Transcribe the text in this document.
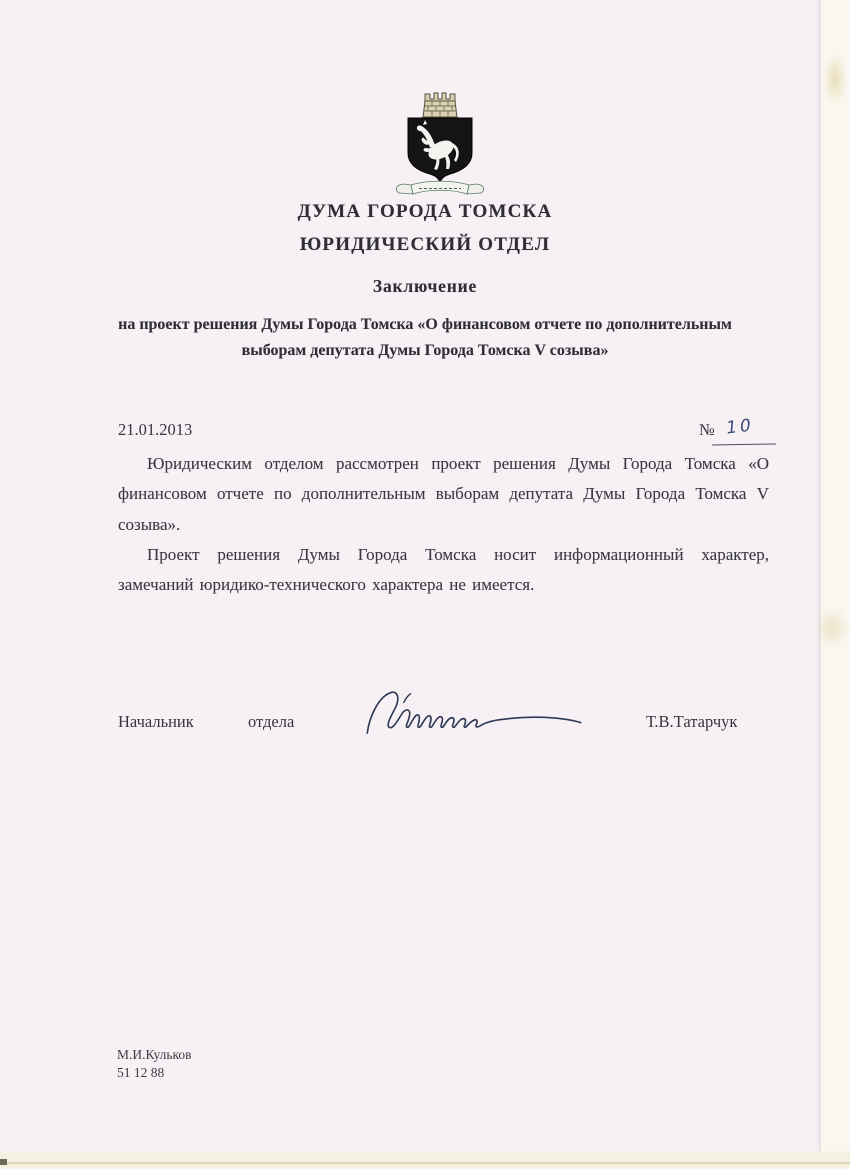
ДУМА ГОРОДА ТОМСКА
ЮРИДИЧЕСКИЙ ОТДЕЛ
Заключение
на проект решения Думы Города Томска «О финансовом отчете по дополнительным выборам депутата Думы Города Томска V созыва»
21.01.2013	№ 10

Юридическим отделом рассмотрен проект решения Думы Города Томска «О финансовом отчете по дополнительным выборам депутата Думы Города Томска V созыва».

Проект решения Думы Города Томска носит информационный характер, замечаний юридико-технического характера не имеется.

Начальник	отдела	Т.В.Татарчук
М.И.Кульков
51 12 88
